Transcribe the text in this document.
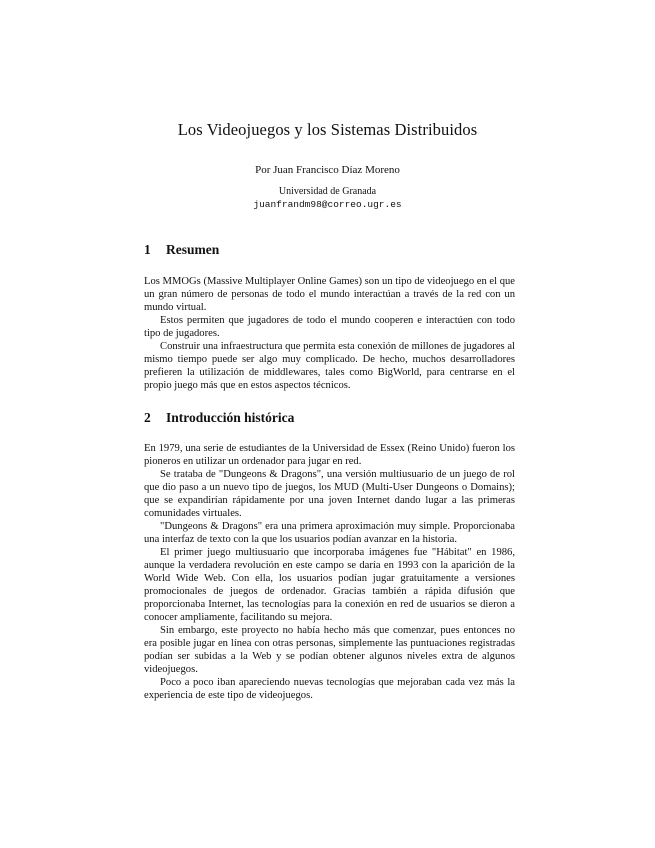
Los Videojuegos y los Sistemas Distribuidos
Por Juan Francisco Díaz Moreno
Universidad de Granada
juanfrandm98@correo.ugr.es
1 Resumen

Los MMOGs (Massive Multiplayer Online Games) son un tipo de videojuego en el que un gran número de personas de todo el mundo interactúan a través de la red con un mundo virtual.

Estos permiten que jugadores de todo el mundo cooperen e interactúen con todo tipo de jugadores.

Construir una infraestructura que permita esta conexión de millones de jugadores al mismo tiempo puede ser algo muy complicado. De hecho, muchos desarrolladores prefieren la utilización de middlewares, tales como BigWorld, para centrarse en el propio juego más que en estos aspectos técnicos.

2 Introducción histórica

En 1979, una serie de estudiantes de la Universidad de Essex (Reino Unido) fueron los pioneros en utilizar un ordenador para jugar en red.

Se trataba de "Dungeons & Dragons", una versión multiusuario de un juego de rol que dio paso a un nuevo tipo de juegos, los MUD (Multi-User Dungeons o Domains); que se expandirían rápidamente por una joven Internet dando lugar a las primeras comunidades virtuales.

"Dungeons & Dragons" era una primera aproximación muy simple. Proporcionaba una interfaz de texto con la que los usuarios podían avanzar en la historia.

El primer juego multiusuario que incorporaba imágenes fue "Hábitat" en 1986, aunque la verdadera revolución en este campo se daría en 1993 con la aparición de la World Wide Web. Con ella, los usuarios podían jugar gratuitamente a versiones promocionales de juegos de ordenador. Gracias también a rápida difusión que proporcionaba Internet, las tecnologías para la conexión en red de usuarios se dieron a conocer ampliamente, facilitando su mejora.

Sin embargo, este proyecto no había hecho más que comenzar, pues entonces no era posible jugar en línea con otras personas, simplemente las puntuaciones registradas podían ser subidas a la Web y se podían obtener algunos niveles extra de algunos videojuegos.

Poco a poco iban apareciendo nuevas tecnologías que mejoraban cada vez más la experiencia de este tipo de videojuegos.
